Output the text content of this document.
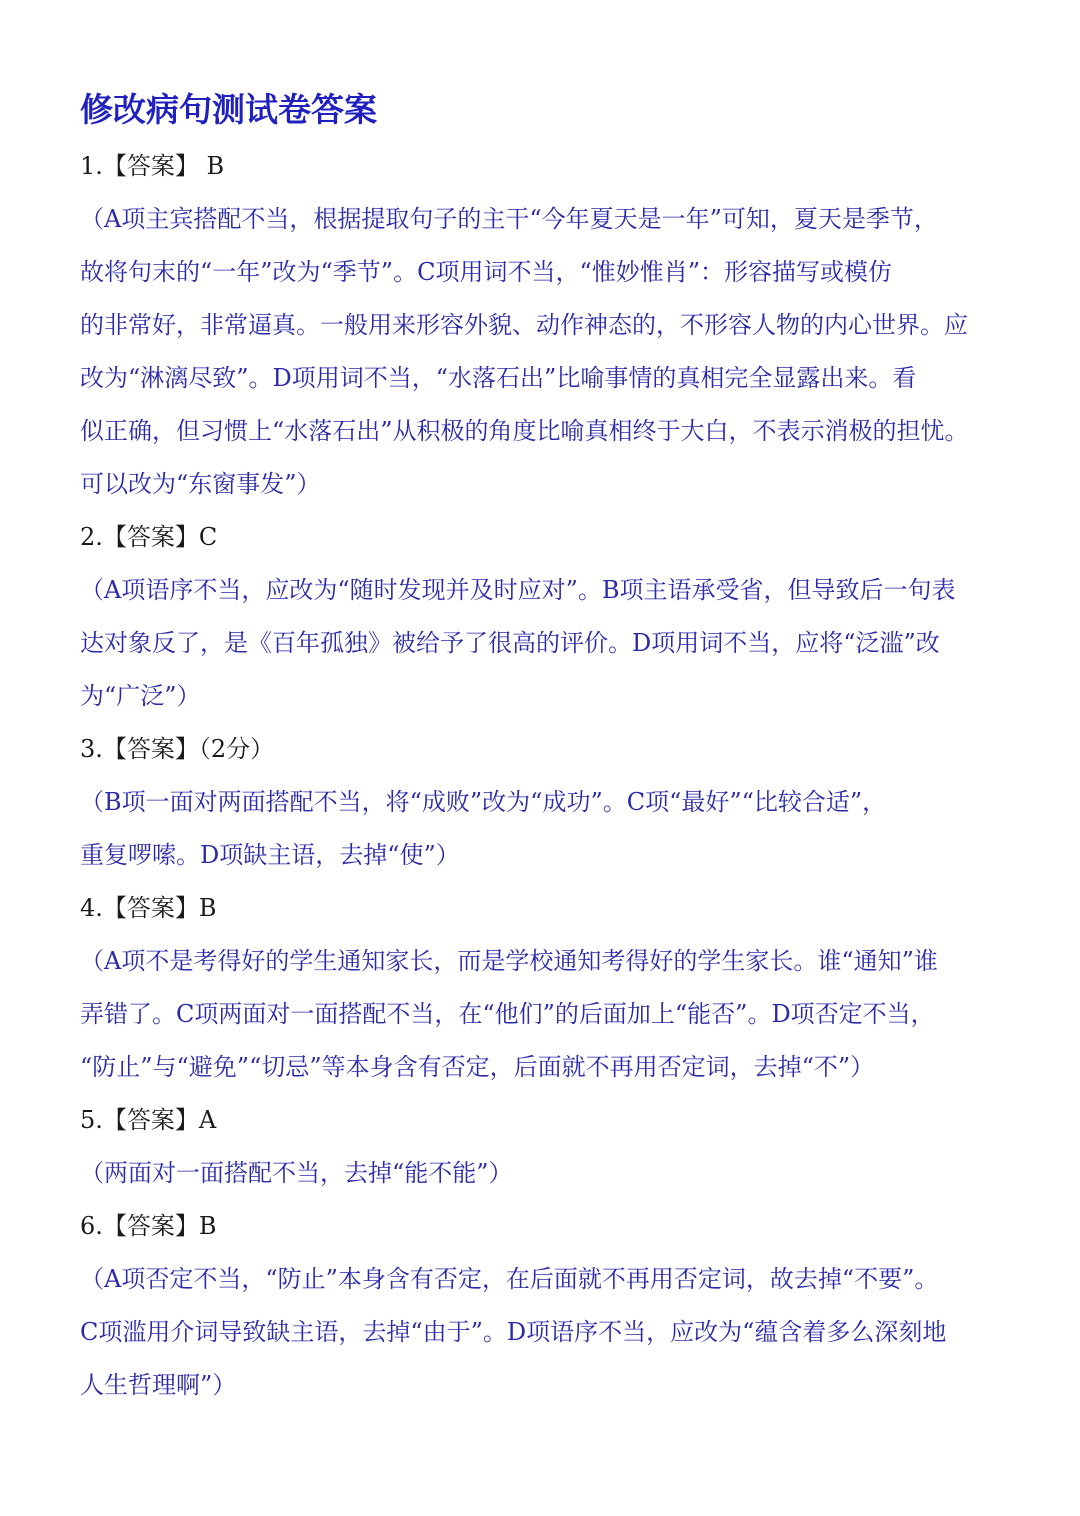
修改病句测试卷答案
1.【答案】 B
（A项主宾搭配不当，根据提取句子的主干“今年夏天是一年”可知，夏天是季节，
故将句末的“一年”改为“季节”。C项用词不当，“惟妙惟肖”：形容描写或模仿
的非常好，非常逼真。一般用来形容外貌、动作神态的，不形容人物的内心世界。应
改为“淋漓尽致”。D项用词不当，“水落石出”比喻事情的真相完全显露出来。看
似正确，但习惯上“水落石出”从积极的角度比喻真相终于大白，不表示消极的担忧。
可以改为“东窗事发”）
2.【答案】C
（A项语序不当，应改为“随时发现并及时应对”。B项主语承受省，但导致后一句表
达对象反了，是《百年孤独》被给予了很高的评价。D项用词不当，应将“泛滥”改
为“广泛”）
3.【答案】（2分）
（B项一面对两面搭配不当，将“成败”改为“成功”。C项“最好”“比较合适”，
重复啰嗦。D项缺主语，去掉“使”）
4.【答案】B
（A项不是考得好的学生通知家长，而是学校通知考得好的学生家长。谁“通知”谁
弄错了。C项两面对一面搭配不当，在“他们”的后面加上“能否”。D项否定不当，
“防止”与“避免”“切忌”等本身含有否定，后面就不再用否定词，去掉“不”）
5.【答案】A
（两面对一面搭配不当，去掉“能不能”）
6.【答案】B
（A项否定不当，“防止”本身含有否定，在后面就不再用否定词，故去掉“不要”。
C项滥用介词导致缺主语，去掉“由于”。D项语序不当，应改为“蕴含着多么深刻地
人生哲理啊”）
